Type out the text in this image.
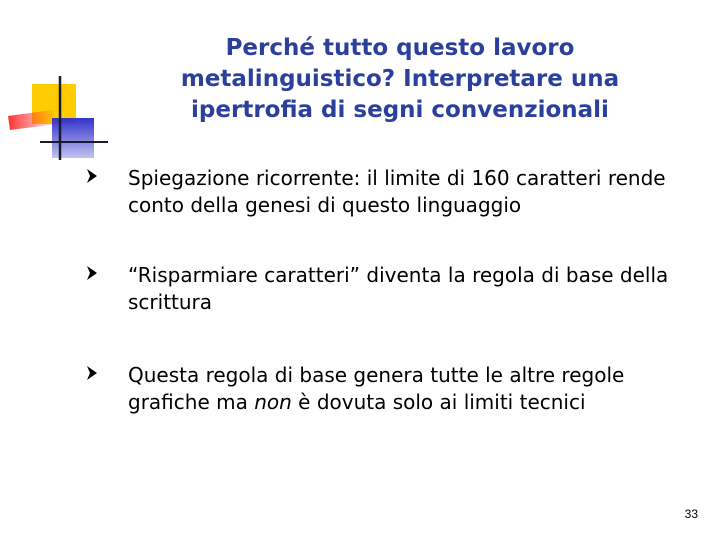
Perché tutto questo lavoro metalinguistico? Interpretare una ipertrofia di segni convenzionali
Spiegazione ricorrente: il limite di 160 caratteri rende conto della genesi di questo linguaggio
“Risparmiare caratteri” diventa la regola di base della scrittura
Questa regola di base genera tutte le altre regole grafiche ma non è dovuta solo ai limiti tecnici
33
